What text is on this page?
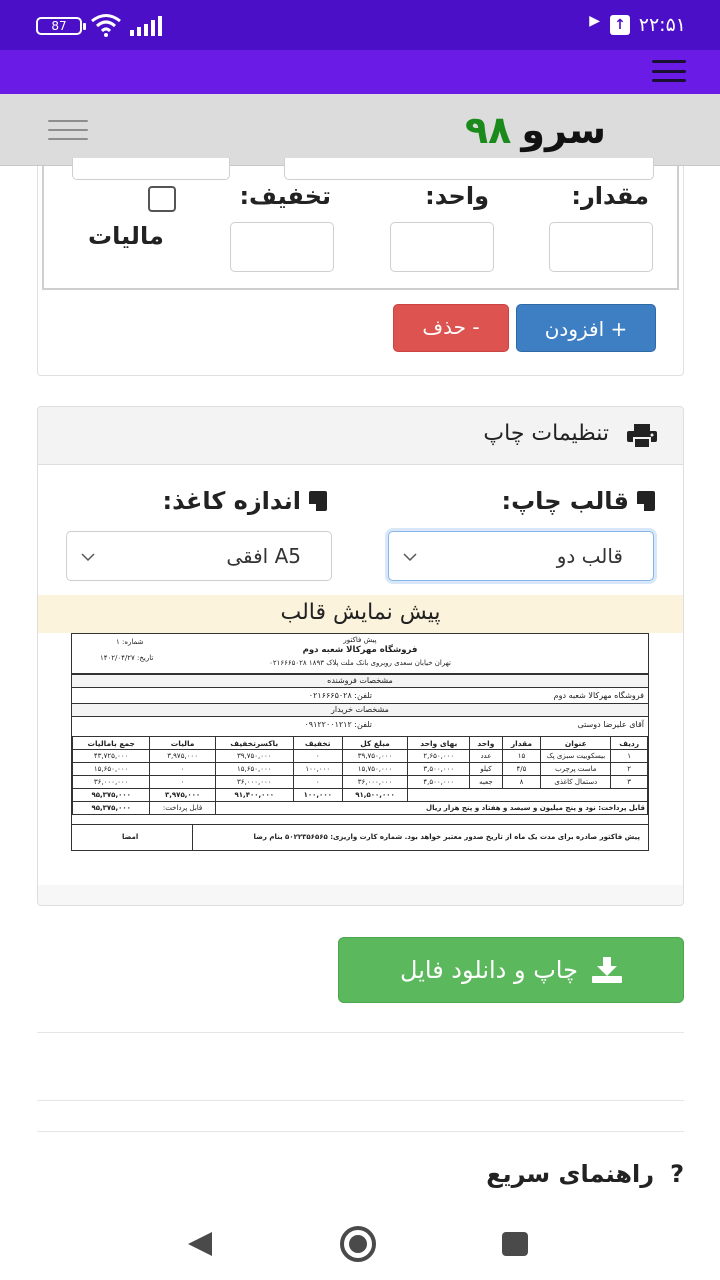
87	▶ ↑ ۲۲:۵۱
سرو۹۸
مقدار:
واحد:
تخفیف:
مالیات
+ افزودن
- حذف
تنظیمات چاپ
قالب چاپ:
اندازه کاغذ:
قالب دو
A5 افقی
پیش نمایش قالب
پیش فاکتور
فروشگاه مهرکالا شعبه دوم
تهران خیابان سعدی روبروی بانک ملت پلاک ۱۸۹۳ ۰۲۱۶۶۶۵۰۲۸
شماره: ۱
تاریخ: ۱۴۰۲/۰۴/۲۷
مشخصات فروشنده
فروشگاه مهرکالا شعبه دوم
تلفن: ۰۲۱۶۶۶۵۰۲۸
مشخصات خریدار
آقای علیرضا دوستی
تلفن: ۰۹۱۲۲۰۰۱۲۱۲
ردیف	عنوان	مقدار	واحد	بهای واحد	مبلغ کل	تخفیف	باکسرتخفیف	مالیات	جمع بامالیات
۱	بیسکوییت سبزی پک	۱۵	عدد	۲,۶۵۰,۰۰۰	۳۹,۷۵۰,۰۰۰	۰	۳۹,۷۵۰,۰۰۰	۳,۹۷۵,۰۰۰	۴۳,۷۲۵,۰۰۰
۲	ماست پرچرب	۴/۵	کیلو	۳,۵۰۰,۰۰۰	۱۵,۷۵۰,۰۰۰	۱۰۰,۰۰۰	۱۵,۶۵۰,۰۰۰	۰	۱۵,۶۵۰,۰۰۰
۳	دستمال کاغذی	۸	جعبه	۴,۵۰۰,۰۰۰	۳۶,۰۰۰,۰۰۰	۰	۳۶,۰۰۰,۰۰۰	۰	۳۶,۰۰۰,۰۰۰
					۹۱,۵۰۰,۰۰۰	۱۰۰,۰۰۰	۹۱,۴۰۰,۰۰۰	۳,۹۷۵,۰۰۰	۹۵,۳۷۵,۰۰۰
قابل پرداخت: نود و پنج میلیون و سیصد و هفتاد و پنج هزار ریال								قابل پرداخت:	۹۵,۳۷۵,۰۰۰
پیش فاکتور صادره برای مدت یک ماه از تاریخ صدور معتبر خواهد بود. شماره کارت واریزی: ۵۰۲۲۳۵۶۵۶۵ بنام رضا
امضا
چاپ و دانلود فایل
?
راهنمای سریع
